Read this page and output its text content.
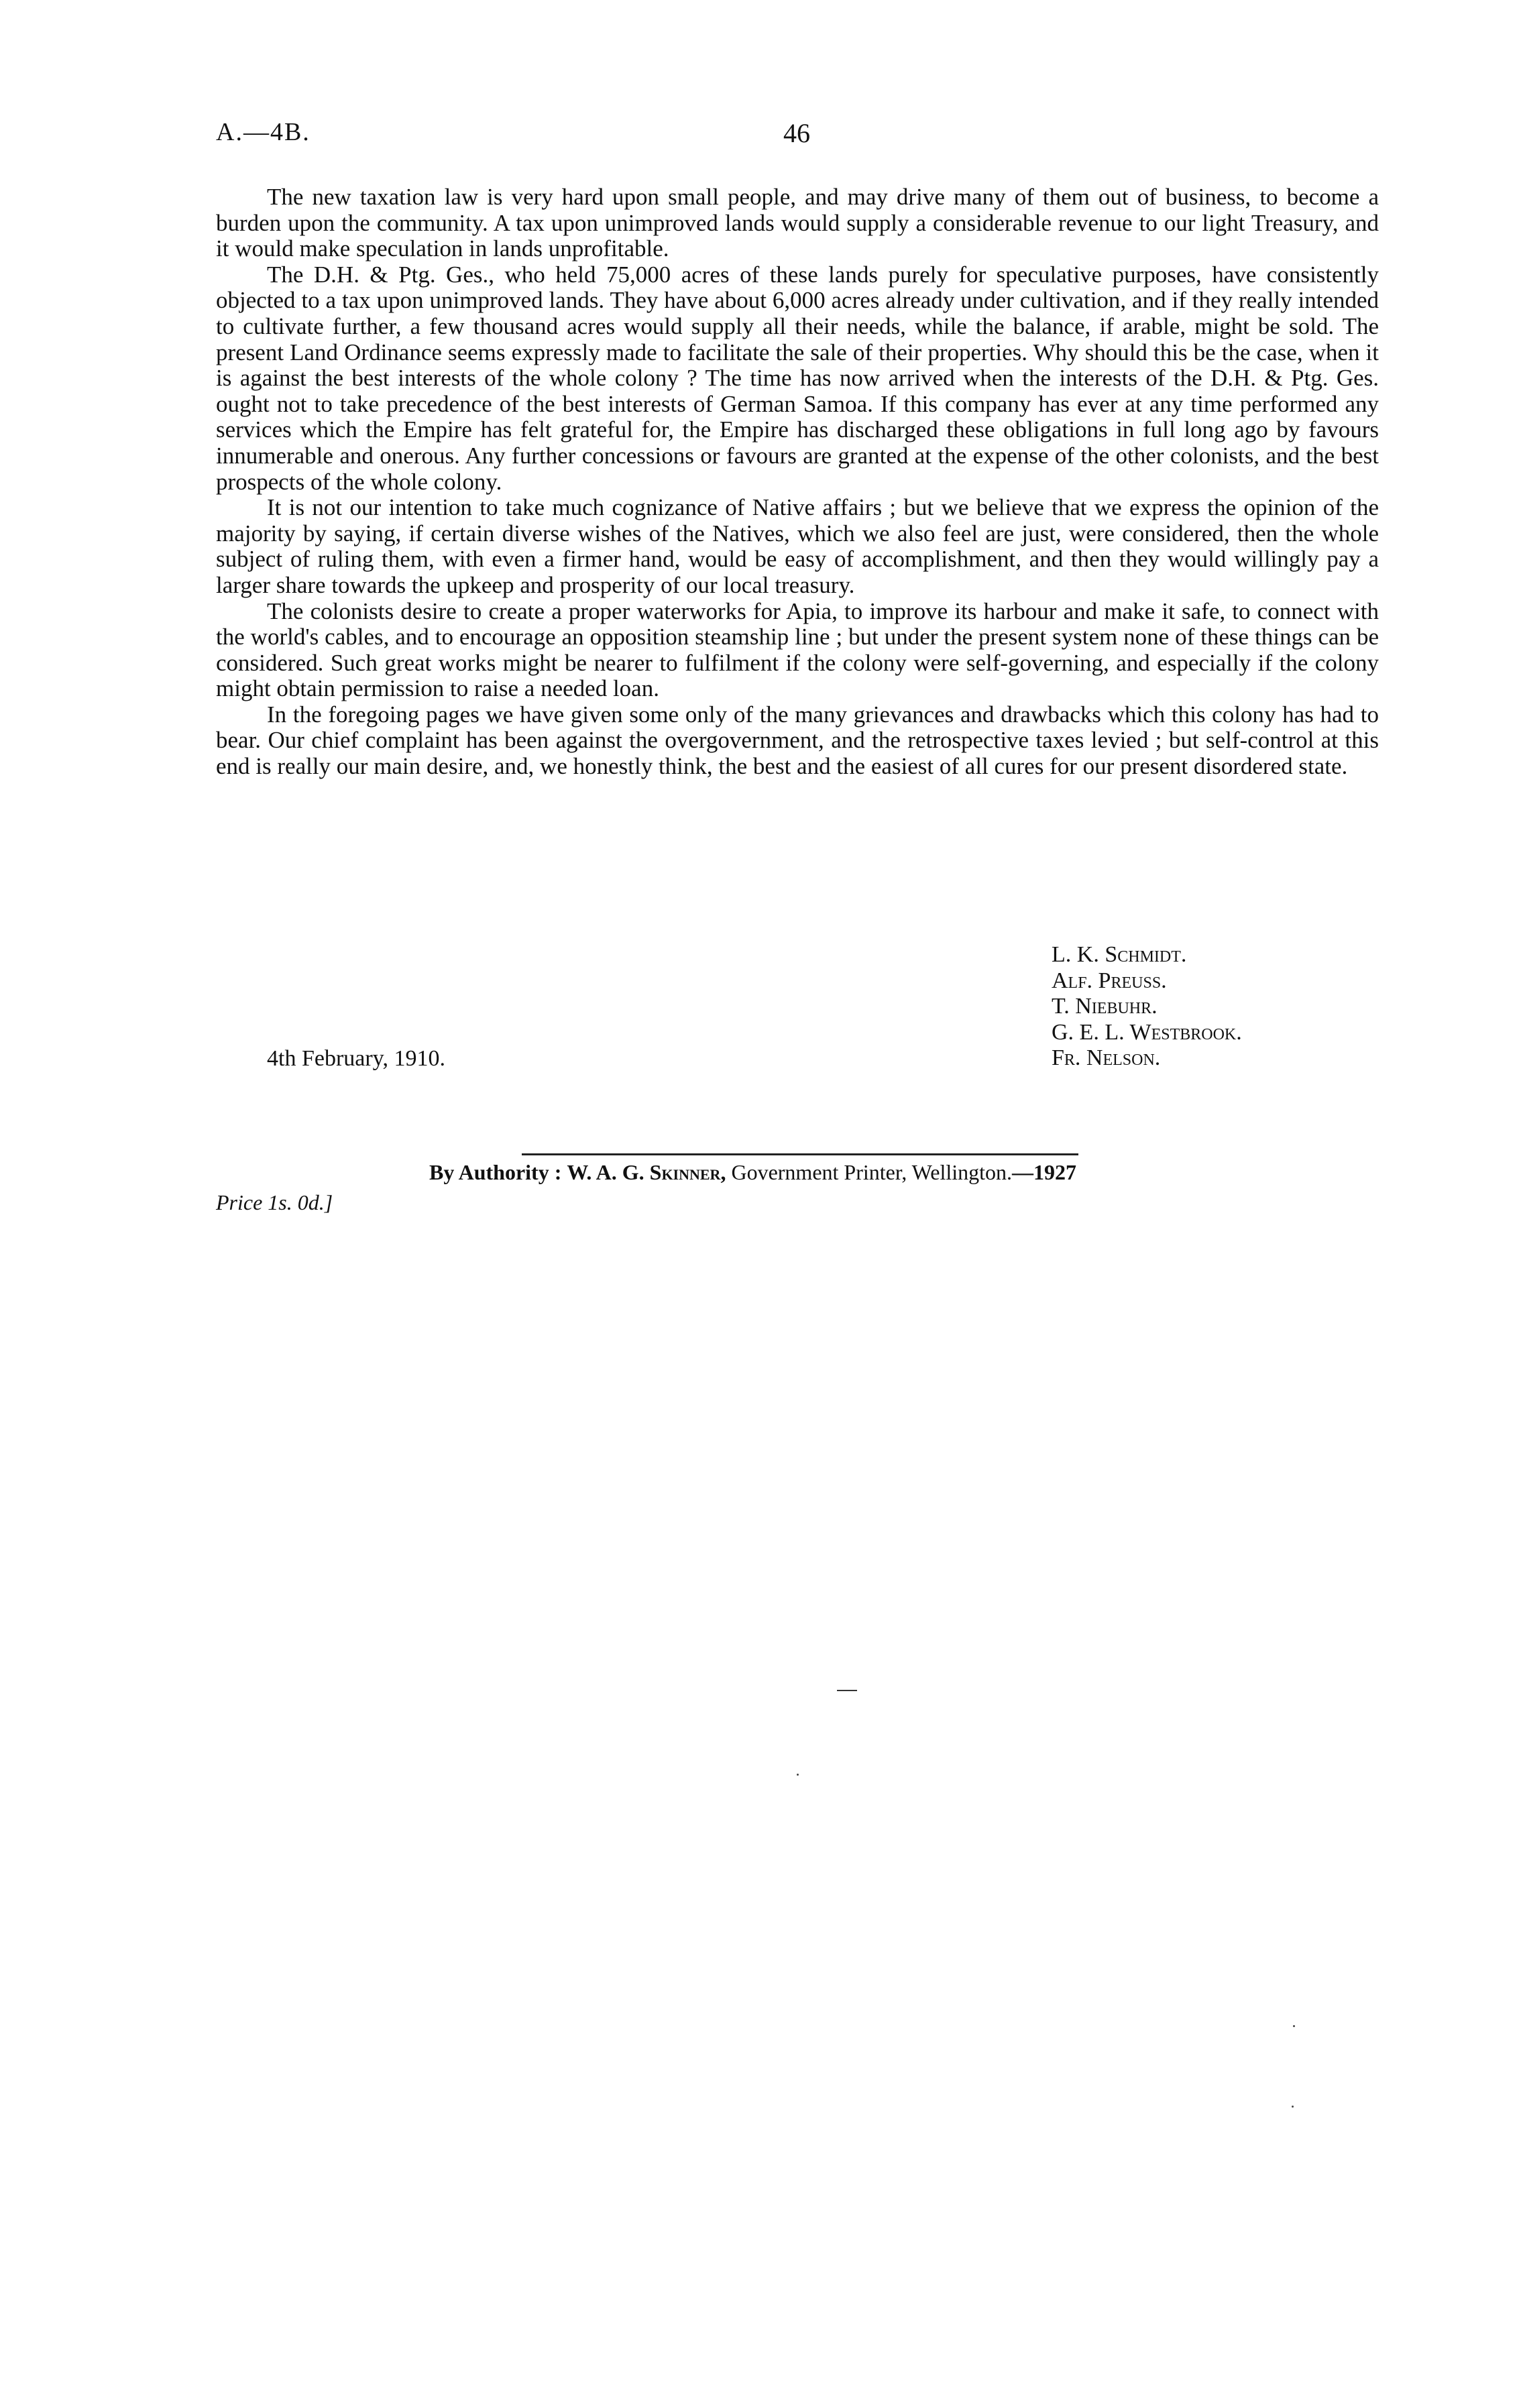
A.—4B.	46

The new taxation law is very hard upon small people, and may drive many of them out of business, to become a burden upon the community. A tax upon unimproved lands would supply a considerable revenue to our light Treasury, and it would make speculation in lands unprofitable.

The D.H. & Ptg. Ges., who held 75,000 acres of these lands purely for speculative purposes, have consistently objected to a tax upon unimproved lands. They have about 6,000 acres already under cultivation, and if they really intended to cultivate further, a few thousand acres would supply all their needs, while the balance, if arable, might be sold. The present Land Ordinance seems expressly made to facilitate the sale of their properties. Why should this be the case, when it is against the best interests of the whole colony ? The time has now arrived when the interests of the D.H. & Ptg. Ges. ought not to take precedence of the best interests of German Samoa. If this company has ever at any time performed any services which the Empire has felt grateful for, the Empire has discharged these obligations in full long ago by favours innumerable and onerous. Any further concessions or favours are granted at the expense of the other colonists, and the best prospects of the whole colony.

It is not our intention to take much cognizance of Native affairs ; but we believe that we express the opinion of the majority by saying, if certain diverse wishes of the Natives, which we also feel are just, were considered, then the whole subject of ruling them, with even a firmer hand, would be easy of accomplishment, and then they would willingly pay a larger share towards the upkeep and prosperity of our local treasury.

The colonists desire to create a proper waterworks for Apia, to improve its harbour and make it safe, to connect with the world's cables, and to encourage an opposition steamship line ; but under the present system none of these things can be considered. Such great works might be nearer to fulfilment if the colony were self-governing, and especially if the colony might obtain permission to raise a needed loan.

In the foregoing pages we have given some only of the many grievances and drawbacks which this colony has had to bear. Our chief complaint has been against the overgovernment, and the retrospective taxes levied ; but self-control at this end is really our main desire, and, we honestly think, the best and the easiest of all cures for our present disordered state.

L. K. Schmidt.
Alf. Preuss.
T. Niebuhr.
G. E. L. Westbrook.
Fr. Nelson.
4th February, 1910.
By Authority : W. A. G. Skinner, Government Printer, Wellington.—1927
Price 1s. 0d.]
